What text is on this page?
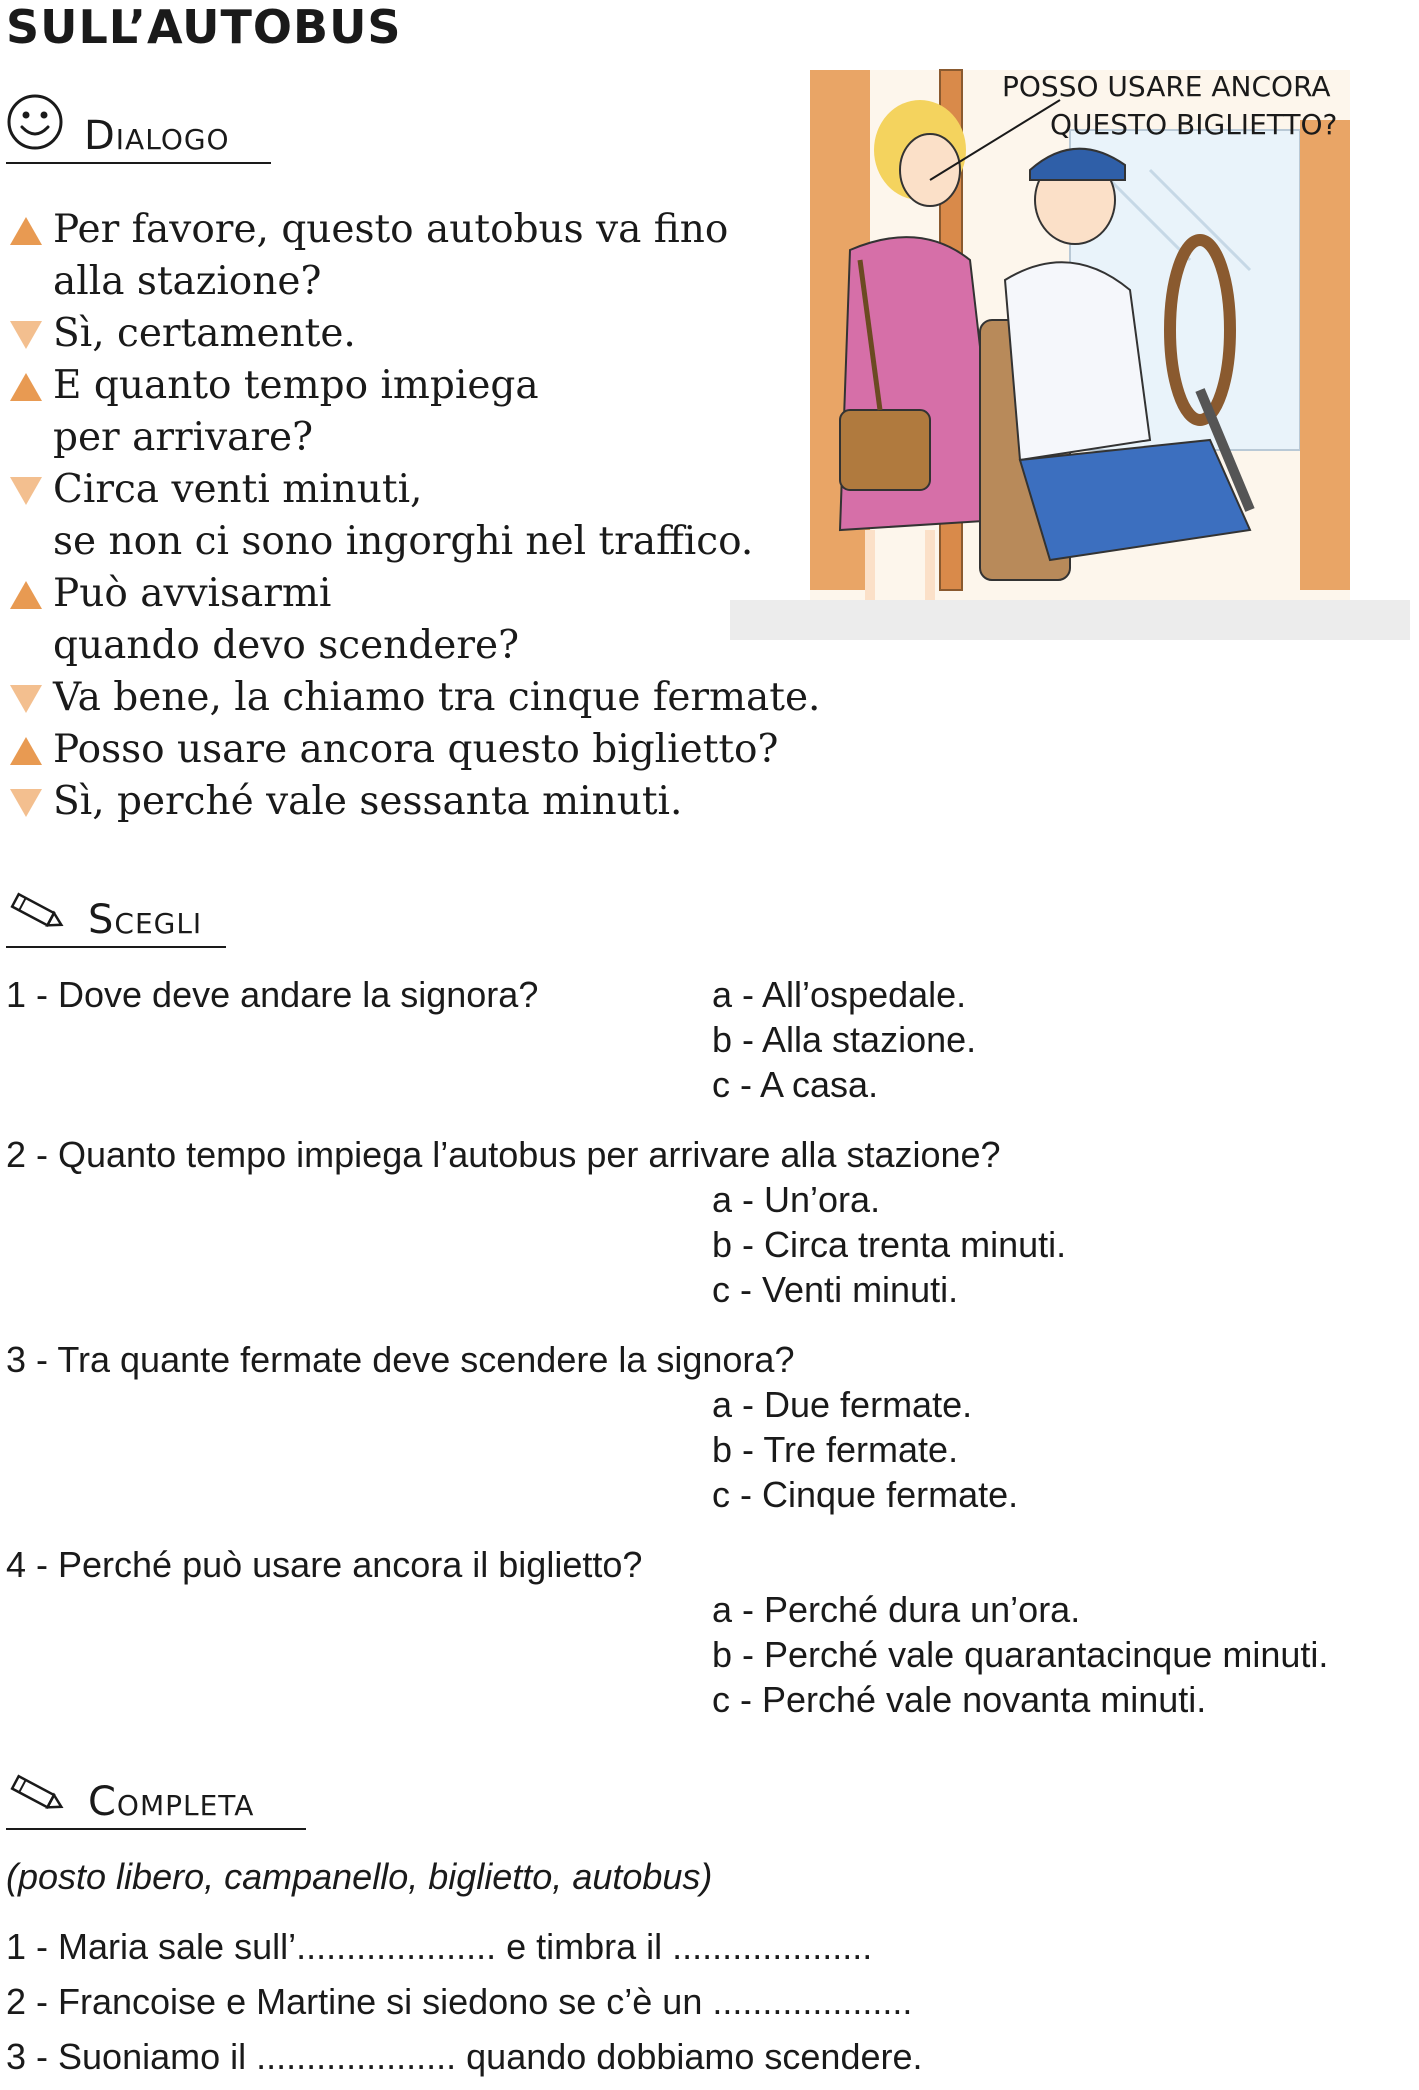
SULL’AUTOBUS
Dialogo
Per favore, questo autobus va fino
alla stazione?
Sì, certamente.
E quanto tempo impiega
per arrivare?
Circa venti minuti,
se non ci sono ingorghi nel traffico.
Può avvisarmi
quando devo scendere?
Va bene, la chiamo tra cinque fermate.
Posso usare ancora questo biglietto?
Sì, perché vale sessanta minuti.
POSSO USARE ANCORA
QUESTO BIGLIETTO?
Scegli
1 - Dove deve andare la signora?	a - All’ospedale.
b - Alla stazione.
c - A casa.
2 - Quanto tempo impiega l’autobus per arrivare alla stazione?
a - Un’ora.
b - Circa trenta minuti.
c - Venti minuti.
3 - Tra quante fermate deve scendere la signora?
a - Due fermate.
b - Tre fermate.
c - Cinque fermate.
4 - Perché può usare ancora il biglietto?
a - Perché dura un’ora.
b - Perché vale quarantacinque minuti.
c - Perché vale novanta minuti.
Completa
(posto libero, campanello, biglietto, autobus)
1 - Maria sale sull’.................... e timbra il ....................
2 - Francoise e Martine si siedono se c’è un ....................
3 - Suoniamo il .................... quando dobbiamo scendere.
